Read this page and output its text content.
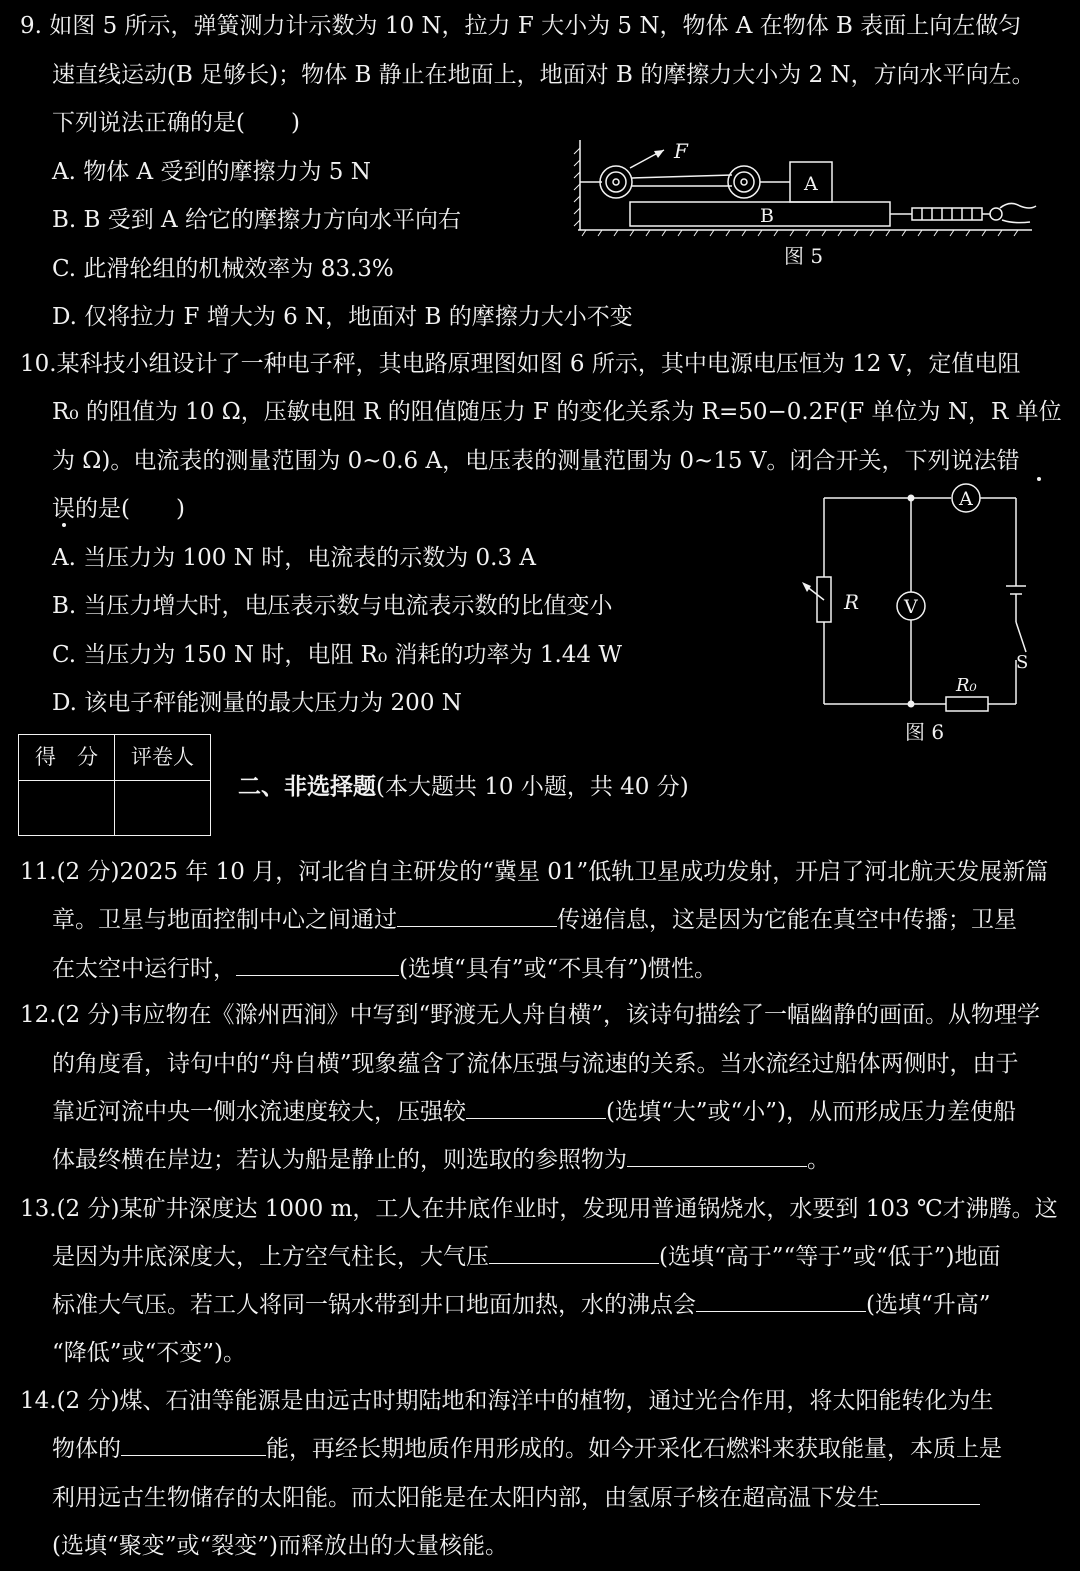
9. 如图 5 所示，弹簧测力计示数为 10 N，拉力 F 大小为 5 N，物体 A 在物体 B 表面上向左做匀
速直线运动(B 足够长)；物体 B 静止在地面上，地面对 B 的摩擦力大小为 2 N，方向水平向左。
下列说法正确的是(　　)
A. 物体 A 受到的摩擦力为 5 N
B. B 受到 A 给它的摩擦力方向水平向右
C. 此滑轮组的机械效率为 83.3%
D. 仅将拉力 F 增大为 6 N，地面对 B 的摩擦力大小不变
F
A
B
图 5
10.某科技小组设计了一种电子秤，其电路原理图如图 6 所示，其中电源电压恒为 12 V，定值电阻
R₀ 的阻值为 10 Ω，压敏电阻 R 的阻值随压力 F 的变化关系为 R=50−0.2F(F 单位为 N，R 单位
为 Ω)。电流表的测量范围为 0~0.6 A，电压表的测量范围为 0~15 V。闭合开关，下列说法错
误的是(　　)
A. 当压力为 100 N 时，电流表的示数为 0.3 A
B. 当压力增大时，电压表示数与电流表示数的比值变小
C. 当压力为 150 N 时，电阻 R₀ 消耗的功率为 1.44 W
D. 该电子秤能测量的最大压力为 200 N
A
V
R
R₀
S
图 6
得　分	评卷人
二、非选择题(本大题共 10 小题，共 40 分)
11.(2 分)2025 年 10 月，河北省自主研发的“冀星 01”低轨卫星成功发射，开启了河北航天发展新篇
章。卫星与地面控制中心之间通过	传递信息，这是因为它能在真空中传播；卫星
在太空中运行时，	(选填“具有”或“不具有”)惯性。
12.(2 分)韦应物在《滁州西涧》中写到“野渡无人舟自横”，该诗句描绘了一幅幽静的画面。从物理学
的角度看，诗句中的“舟自横”现象蕴含了流体压强与流速的关系。当水流经过船体两侧时，由于
靠近河流中央一侧水流速度较大，压强较	(选填“大”或“小”)，从而形成压力差使船
体最终横在岸边；若认为船是静止的，则选取的参照物为	。
13.(2 分)某矿井深度达 1000 m，工人在井底作业时，发现用普通锅烧水，水要到 103 ℃才沸腾。这
是因为井底深度大，上方空气柱长，大气压	(选填“高于”“等于”或“低于”)地面
标准大气压。若工人将同一锅水带到井口地面加热，水的沸点会	(选填“升高”
“降低”或“不变”)。
14.(2 分)煤、石油等能源是由远古时期陆地和海洋中的植物，通过光合作用，将太阳能转化为生
物体的	能，再经长期地质作用形成的。如今开采化石燃料来获取能量，本质上是
利用远古生物储存的太阳能。而太阳能是在太阳内部，由氢原子核在超高温下发生
(选填“聚变”或“裂变”)而释放出的大量核能。
